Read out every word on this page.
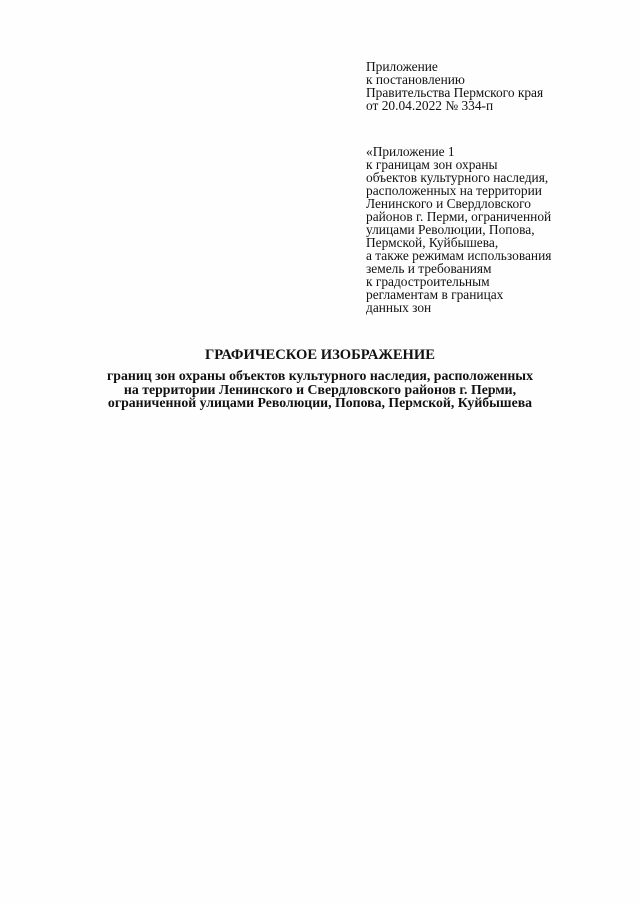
Приложение
к постановлению
Правительства Пермского края
от 20.04.2022 № 334-п
«Приложение 1
к границам зон охраны
объектов культурного наследия,
расположенных на территории
Ленинского и Свердловского
районов г. Перми, ограниченной
улицами Революции, Попова,
Пермской, Куйбышева,
а также режимам использования
земель и требованиям
к градостроительным
регламентам в границах
данных зон
ГРАФИЧЕСКОЕ ИЗОБРАЖЕНИЕ
границ зон охраны объектов культурного наследия, расположенных
на территории Ленинского и Свердловского районов г. Перми,
ограниченной улицами Революции, Попова, Пермской, Куйбышева
